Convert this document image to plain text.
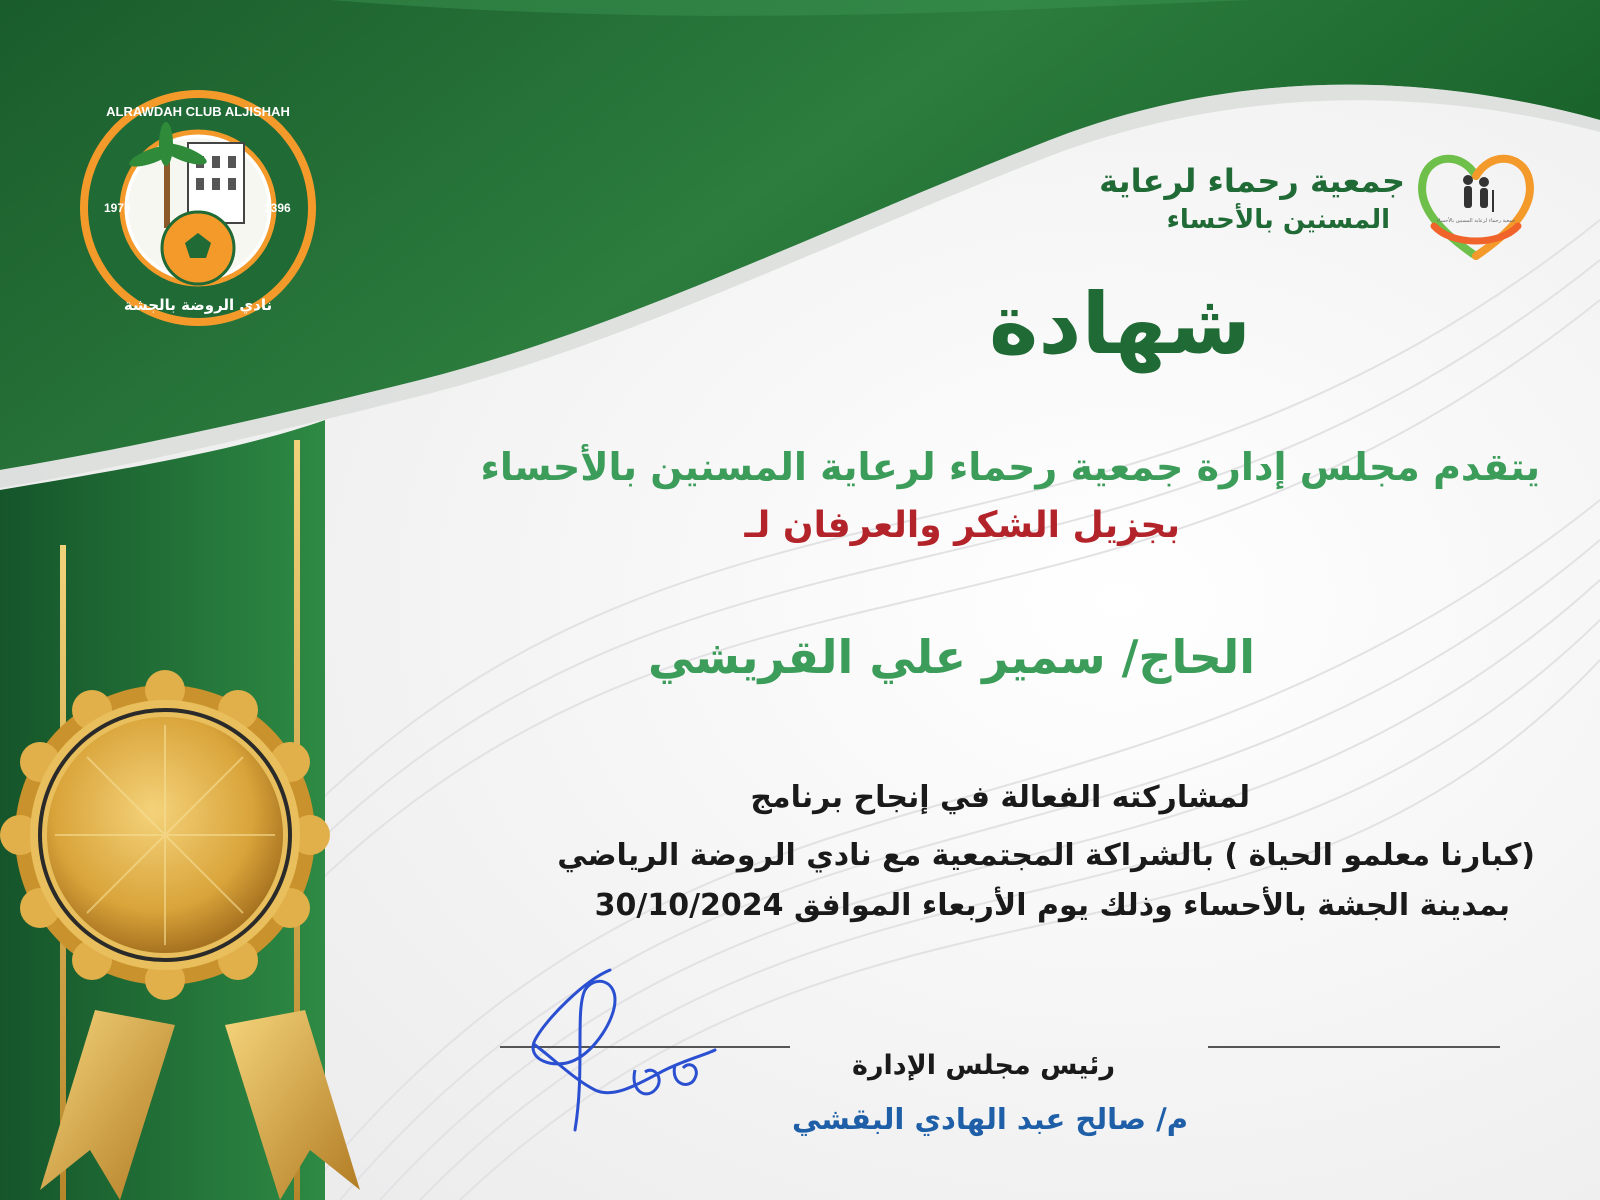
1976	1396
ALRAWDAH CLUB ALJISHAH
نادي الروضة بالجشة
جمعية رحماء لرعاية المسنين بالأحساء
جمعية رحماء لرعاية
المسنين بالأحساء
شهادة
يتقدم مجلس إدارة جمعية رحماء لرعاية المسنين بالأحساء
بجزيل الشكر والعرفان لـ
الحاج/ سمير علي القريشي
لمشاركته الفعالة في إنجاح برنامج
(كبارنا معلمو الحياة ) بالشراكة المجتمعية مع نادي الروضة الرياضي
بمدينة الجشة بالأحساء وذلك يوم الأربعاء الموافق 30/10/2024
رئيس مجلس الإدارة
م/ صالح عبد الهادي البقشي
